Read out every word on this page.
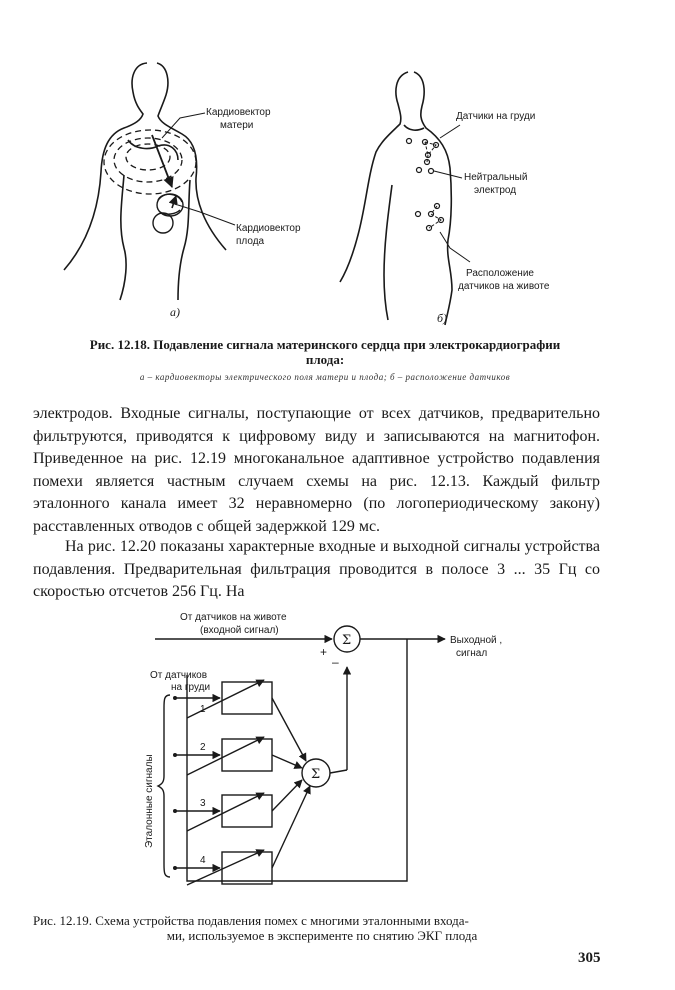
Кардиовектор
матери
Кардиовектор
плода
а)
Датчики на груди
Нейтральный
электрод
Расположение
датчиков на животе
б)
Рис. 12.18. Подавление сигнала материнского сердца при электрокардиографии
плода:
а – кардиовекторы электрического поля матери и плода; б – расположение датчиков
электродов. Входные сигналы, поступающие от всех датчиков, предварительно фильтруются, приводятся к цифровому виду и записываются на магнитофон. Приведенное на рис. 12.19 многоканальное адаптивное устройство подавления помехи является частным случаем схемы на рис. 12.13. Каждый фильтр эталонного канала имеет 32 неравномерно (по логопериодическому закону) расставленных отводов с общей задержкой 129 мс.
На рис. 12.20 показаны характерные входные и выходной сигналы устройства подавления. Предварительная фильтрация проводится в полосе 3 ... 35 Гц со скоростью отсчетов 256 Гц. На
От датчиков на животе
(входной сигнал)
Выходной ,
сигнал
От датчиков
на груди
Σ
Σ
+
–
1
2
3
4
Эталонные сигналы
Рис. 12.19. Схема устройства подавления помех с многими эталонными входа-
ми, используемое в эксперименте по снятию ЭКГ плода
305
